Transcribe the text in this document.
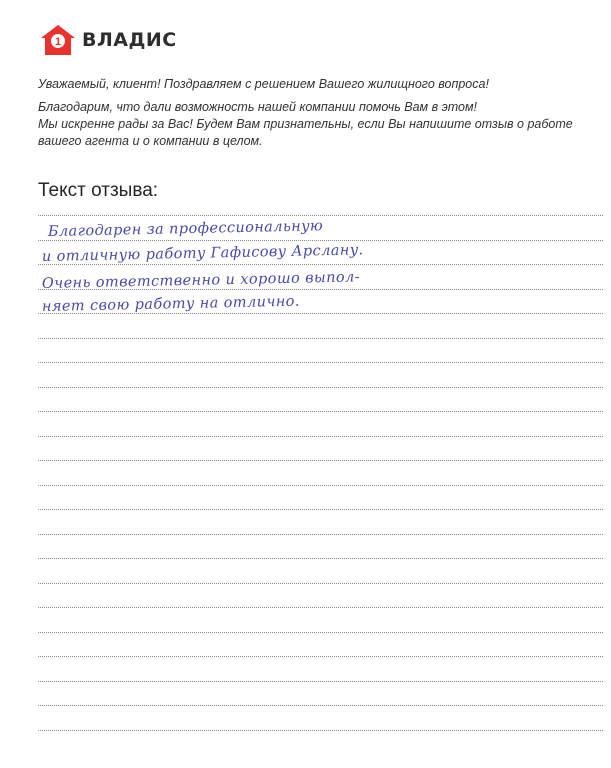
1 ВЛАДИС

Уважаемый, клиент! Поздравляем с решением Вашего жилищного вопроса!

Благодарим, что дали возможность нашей компании помочь Вам в этом!

Мы искренне рады за Вас! Будем Вам признательны, если Вы напишите отзыв о работе

вашего агента и о компании в целом.

Текст отзыва:
Благодарен за профессиональную
и отличную работу Гафисову Арслану.
Очень ответственно и хорошо выпол-
няет свою работу на отлично.
